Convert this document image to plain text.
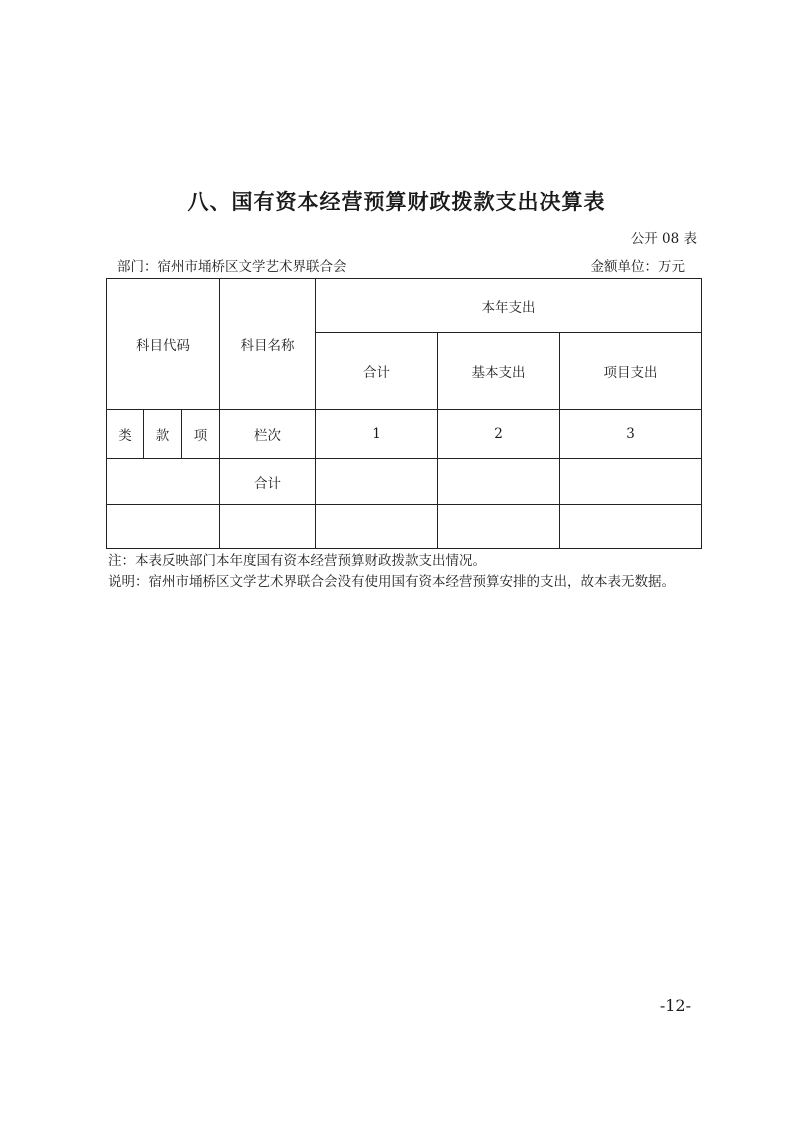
八、国有资本经营预算财政拨款支出决算表
公开 08 表
部门：宿州市埇桥区文学艺术界联合会	金额单位：万元
科目代码			科目名称	本年支出		
				合计	基本支出	项目支出
类	款	项	栏次	1	2	3
			合计			

注：本表反映部门本年度国有资本经营预算财政拨款支出情况。
说明：宿州市埇桥区文学艺术界联合会没有使用国有资本经营预算安排的支出，故本表无数据。
-12-
